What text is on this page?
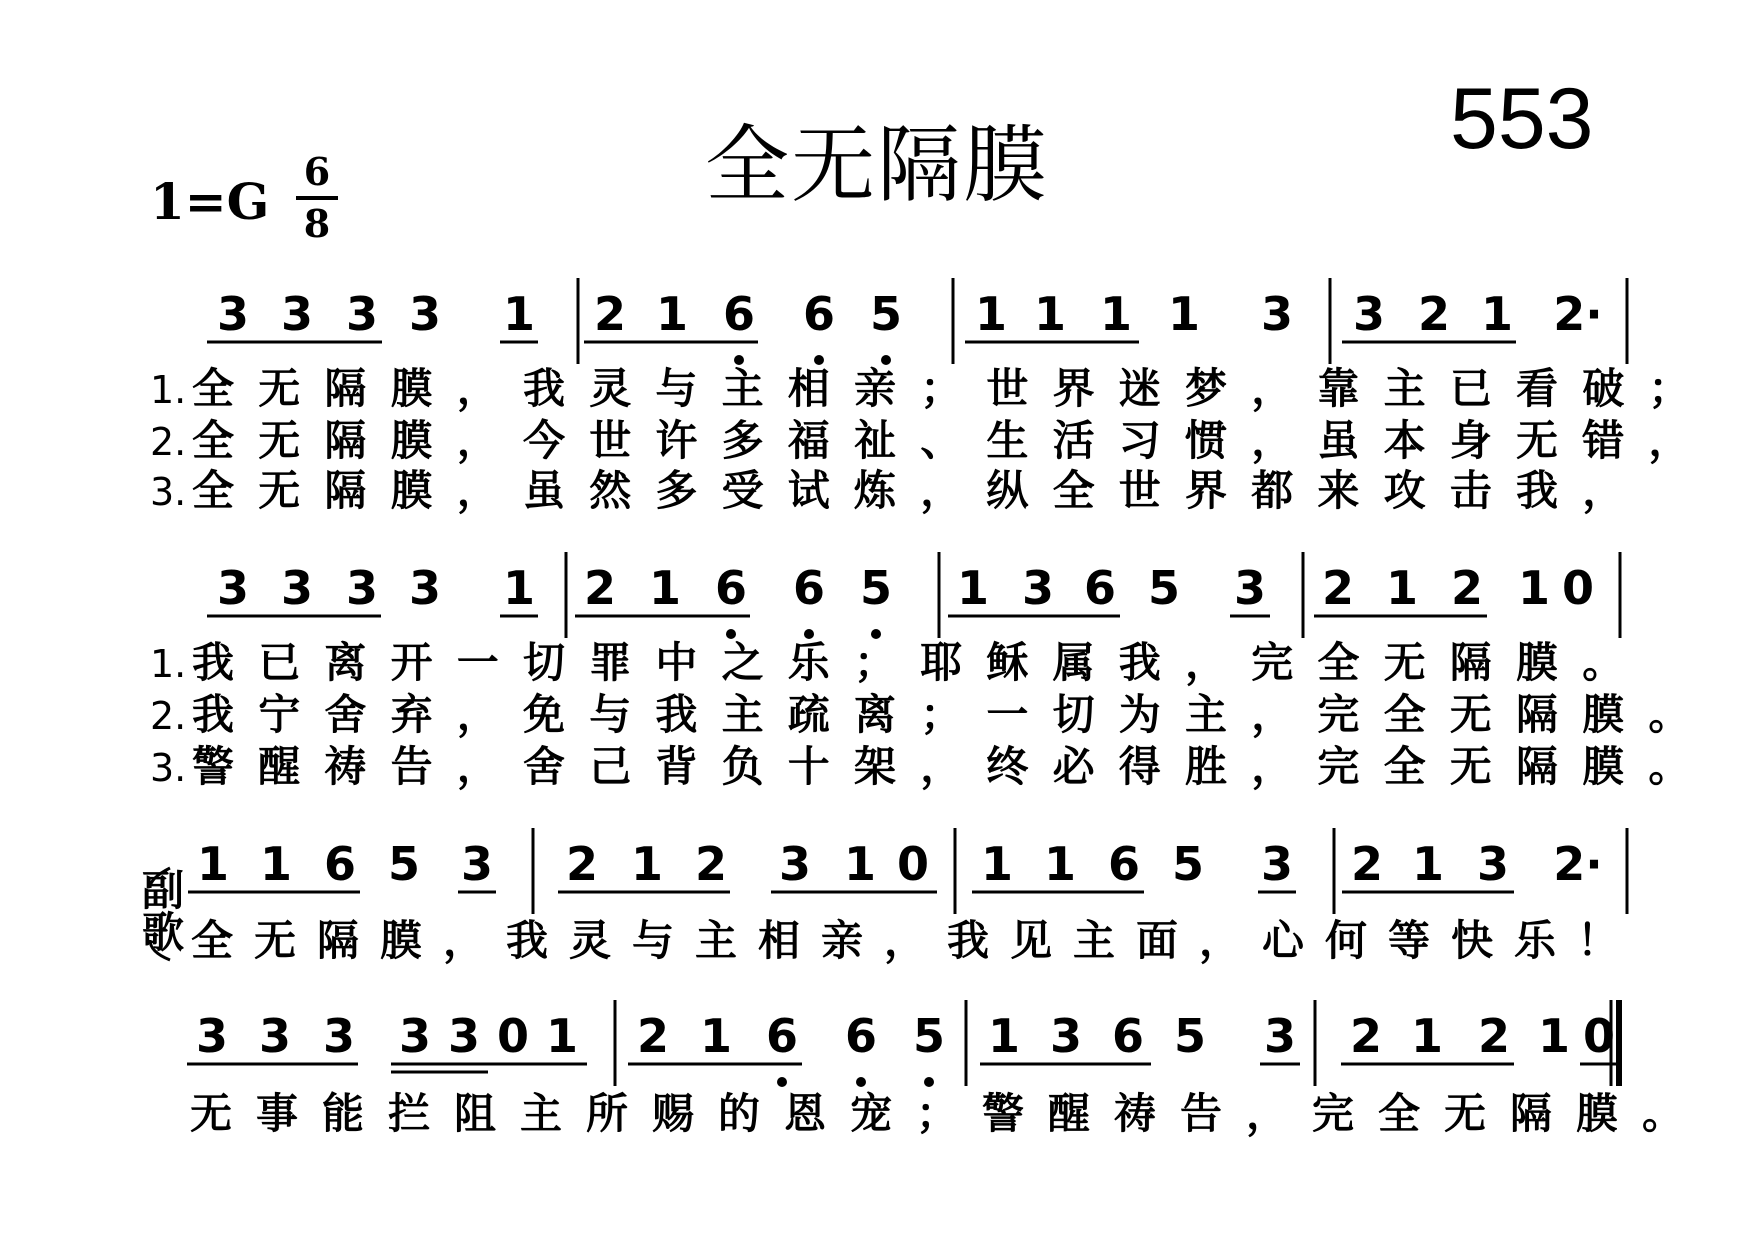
全无隔膜	553
1=G
6
8
3 3 3 3 1 2 1 6 6 5 1 1 1 1 3 3 2 1 2·
1. 全 无 隔 膜 ， 我 灵 与 主 相 亲 ； 世 界 迷 梦 ， 靠 主 已 看 破 ；
2. 全 无 隔 膜 ， 今 世 许 多 福 祉 、 生 活 习 惯 ， 虽 本 身 无 错 ，
3. 全 无 隔 膜 ， 虽 然 多 受 试 炼 ， 纵 全 世 界 都 来 攻 击 我 ，
3 3 3 3 1 2 1 6 6 5 1 3 6 5 3 2 1 2 1 0
1. 我 已 离 开 一 切 罪 中 之 乐 ； 耶 稣 属 我 ， 完 全 无 隔 膜 。
2. 我 宁 舍 弃 ， 免 与 我 主 疏 离 ； 一 切 为 主 ， 完 全 无 隔 膜 。
3. 警 醒 祷 告 ， 舍 己 背 负 十 架 ， 终 必 得 胜 ， 完 全 无 隔 膜 。
1 1 6 5 3 2 1 2 3 1 0 1 1 6 5 3 2 1 3 2·
副
歌 全 无 隔 膜 ， 我 灵 与 主 相 亲 ， 我 见 主 面 ， 心 何 等 快 乐 ！
3 3 3 3 3 0 1 2 1 6 6 5 1 3 6 5 3 2 1 2 1 0
无 事 能 拦 阻 主 所 赐 的 恩 宠 ； 警 醒 祷 告 ， 完 全 无 隔 膜 。
